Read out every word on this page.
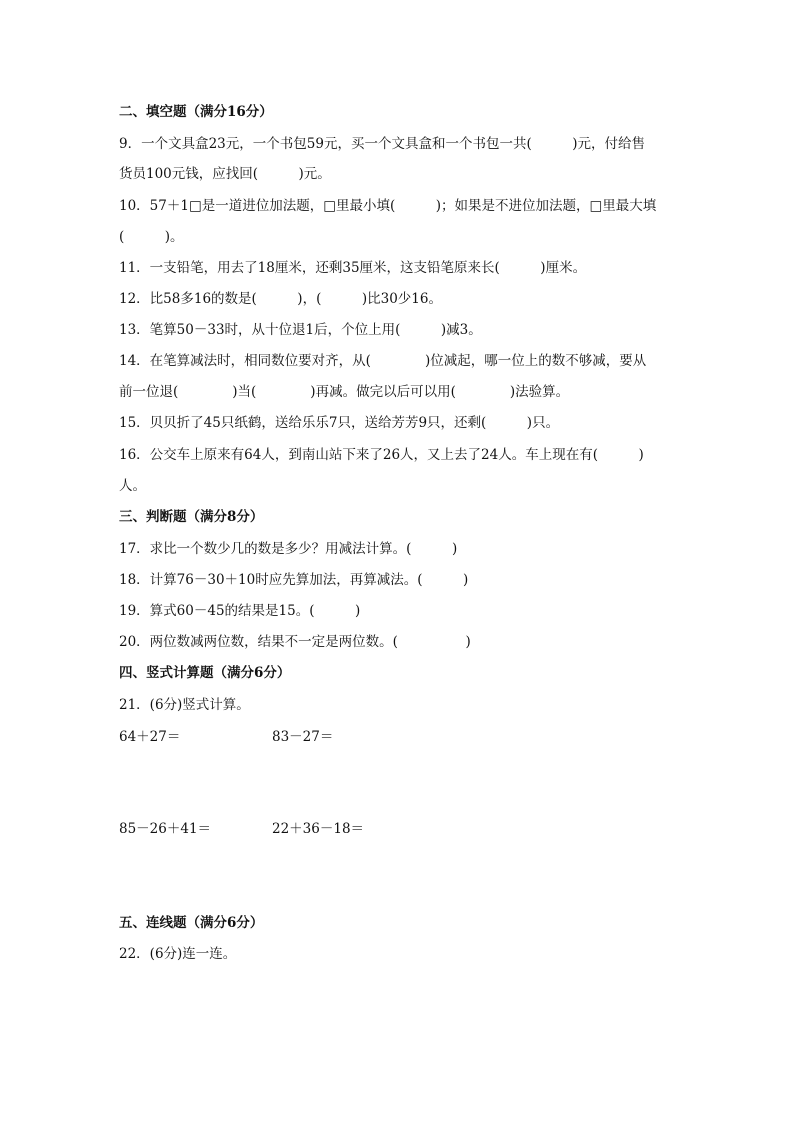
二、填空题（满分16分）
9．一个文具盒23元，一个书包59元，买一个文具盒和一个书包一共(　　　)元，付给售
货员100元钱，应找回(　　　)元。
10．57＋1□是一道进位加法题，□里最小填(　　　)；如果是不进位加法题，□里最大填
(　　　)。
11．一支铅笔，用去了18厘米，还剩35厘米，这支铅笔原来长(　　　)厘米。
12．比58多16的数是(　　　)，(　　　)比30少16。
13．笔算50－33时，从十位退1后，个位上用(　　　)减3。
14．在笔算减法时，相同数位要对齐，从(　　　　)位减起，哪一位上的数不够减，要从
前一位退(　　　　)当(　　　　)再减。做完以后可以用(　　　　)法验算。
15．贝贝折了45只纸鹤，送给乐乐7只，送给芳芳9只，还剩(　　　)只。
16．公交车上原来有64人，到南山站下来了26人，又上去了24人。车上现在有(　　　)
人。
三、判断题（满分8分）
17．求比一个数少几的数是多少？用减法计算。(　　　)
18．计算76－30＋10时应先算加法，再算减法。(　　　)
19．算式60－45的结果是15。(　　　)
20．两位数减两位数，结果不一定是两位数。(　　　　　)
四、竖式计算题（满分6分）
21．(6分)竖式计算。
64＋27＝	83－27＝
85－26＋41＝	22＋36－18＝
五、连线题（满分6分）
22．(6分)连一连。
